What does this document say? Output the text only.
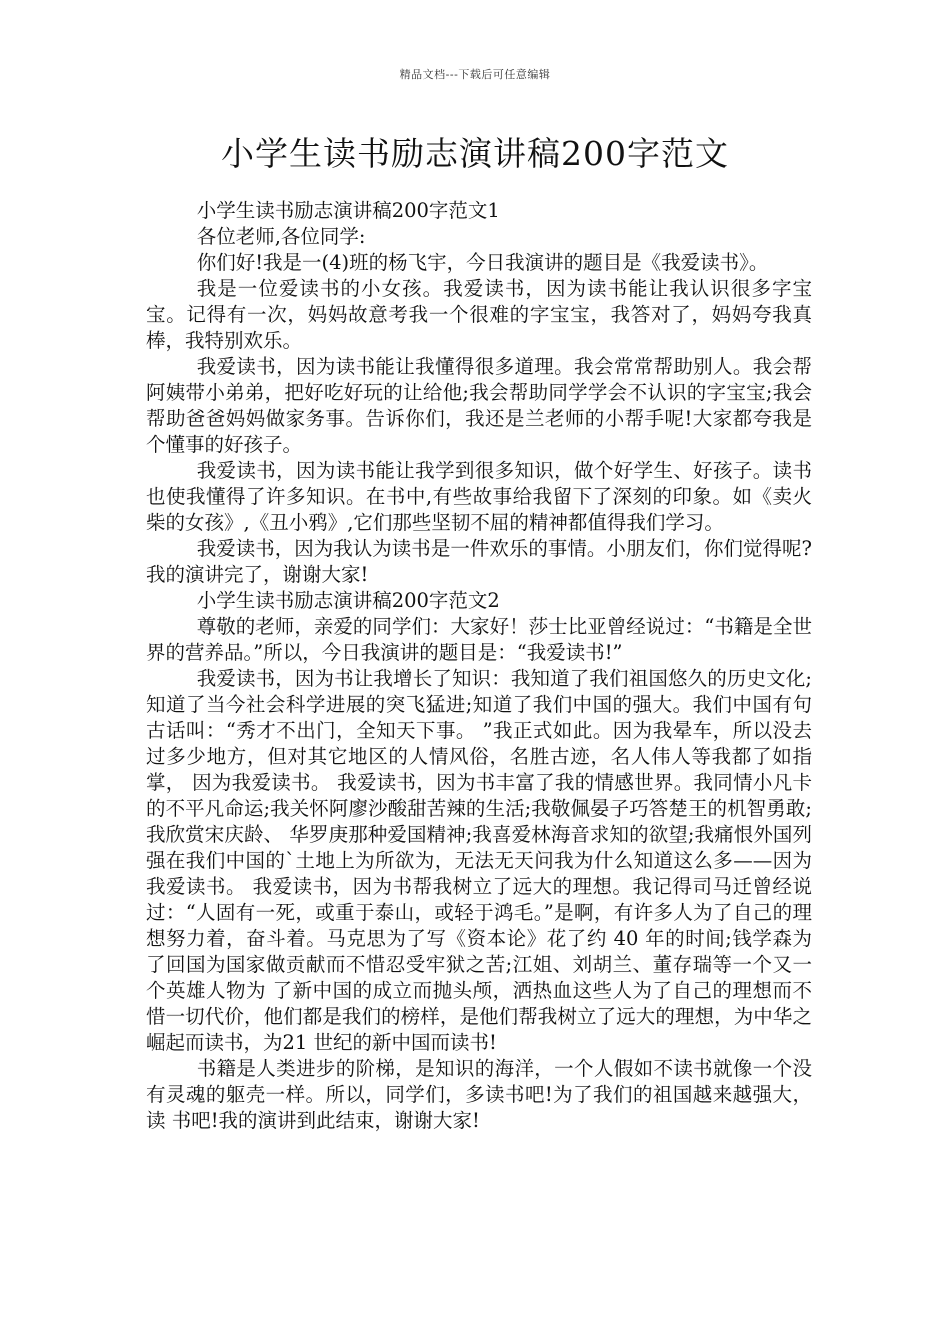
精品文档---下载后可任意编辑
小学生读书励志演讲稿200字范文

小学生读书励志演讲稿200字范文1

各位老师,各位同学:

你们好!我是一(4)班的杨飞宇，今日我演讲的题目是《我爱读书》。

我是一位爱读书的小女孩。我爱读书，因为读书能让我认识很多字宝宝。记得有一次，妈妈故意考我一个很难的字宝宝，我答对了，妈妈夸我真棒，我特别欢乐。

我爱读书，因为读书能让我懂得很多道理。我会常常帮助别人。我会帮阿姨带小弟弟，把好吃好玩的让给他;我会帮助同学学会不认识的字宝宝;我会帮助爸爸妈妈做家务事。告诉你们，我还是兰老师的小帮手呢!大家都夸我是个懂事的好孩子。

我爱读书，因为读书能让我学到很多知识，做个好学生、好孩子。读书也使我懂得了许多知识。在书中,有些故事给我留下了深刻的印象。如《卖火柴的女孩》,《丑小鸦》,它们那些坚韧不屈的精神都值得我们学习。

我爱读书，因为我认为读书是一件欢乐的事情。小朋友们，你们觉得呢?我的演讲完了，谢谢大家!

小学生读书励志演讲稿200字范文2

尊敬的老师，亲爱的同学们：大家好！莎士比亚曾经说过：“书籍是全世界的营养品。”所以，今日我演讲的题目是：“我爱读书!”

我爱读书，因为书让我增长了知识：我知道了我们祖国悠久的历史文化;知道了当今社会科学进展的突飞猛进;知道了我们中国的强大。我们中国有句古话叫：“秀才不出门，全知天下事。 ”我正式如此。因为我晕车，所以没去过多少地方，但对其它地区的人情风俗，名胜古迹，名人伟人等我都了如指掌， 因为我爱读书。 我爱读书，因为书丰富了我的情感世界。我同情小凡卡的不平凡命运;我关怀阿廖沙酸甜苦辣的生活;我敬佩晏子巧答楚王的机智勇敢;我欣赏宋庆龄、 华罗庚那种爱国精神;我喜爱林海音求知的欲望;我痛恨外国列强在我们中国的`土地上为所欲为，无法无天问我为什么知道这么多——因为我爱读书。 我爱读书，因为书帮我树立了远大的理想。我记得司马迁曾经说过：“人固有一死，或重于泰山，或轻于鸿毛。”是啊，有许多人为了自己的理想努力着，奋斗着。马克思为了写《资本论》花了约 40 年的时间;钱学森为了回国为国家做贡献而不惜忍受牢狱之苦;江姐、刘胡兰、董存瑞等一个又一个英雄人物为 了新中国的成立而抛头颅，洒热血这些人为了自己的理想而不惜一切代价，他们都是我们的榜样，是他们帮我树立了远大的理想，为中华之崛起而读书，为21 世纪的新中国而读书!

书籍是人类进步的阶梯，是知识的海洋，一个人假如不读书就像一个没有灵魂的躯壳一样。所以，同学们，多读书吧!为了我们的祖国越来越强大，读 书吧!我的演讲到此结束，谢谢大家!
